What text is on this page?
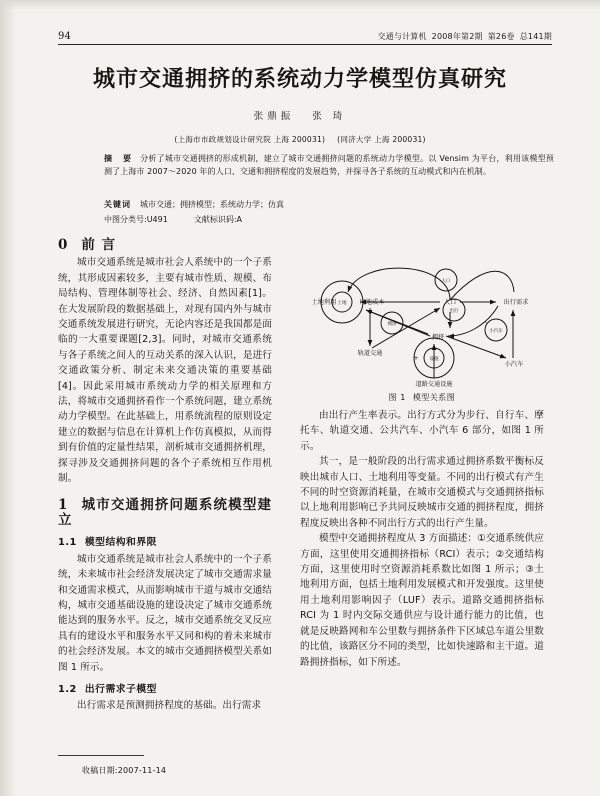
94	交通与计算机 2008年第2期 第26卷 总141期
城市交通拥挤的系统动力学模型仿真研究
张鼎振 张 琦
(上海市市政规划设计研究院 上海 200031) (同济大学 上海 200031)
摘 要 分析了城市交通拥挤的形成机制，建立了城市交通拥挤问题的系统动力学模型。以 Vensim 为平台，利用该模型预测了上海市 2007～2020 年的人口、交通和拥挤程度的发展趋势，并探寻各子系统的互动模式和内在机制。
关键词 城市交通；拥挤模型；系统动力学；仿真
中图分类号:U491	文献标识码:A
0 前 言

城市交通系统是城市社会人系统中的一个子系统，其形成因素较多，主要有城市性质、规模、布局结构、管理体制等社会、经济、自然因素[1]。在大发展阶段的数据基础上，对现有国内外与城市交通系统发展进行研究，无论内容还是我国都是面临的一大重要课题[2,3]。同时，对城市交通系统与各子系统之间人的互动关系的深入认识，是进行交通政策分析、制定未来交通决策的重要基础[4]。因此采用城市系统动力学的相关原理和方法，将城市交通拥挤看作一个系统问题，建立系统动力学模型。在此基础上，用系统流程的原则设定建立的数据与信息在计算机上作仿真模拟，从而得到有价值的定量性结果，剖析城市交通拥挤机理，探寻涉及交通拥挤问题的各个子系统相互作用机制。

1 城市交通拥挤问题系统模型建立
1.1 模型结构和界限

城市交通系统是城市社会人系统中的一个子系统，未来城市社会经济发展决定了城市交通需求量和交通需求模式，从而影响城市干道与城市交通结构，城市交通基础设施的建设决定了城市交通系统能达到的服务水平。反之，城市交通系统交叉反应具有的建设水平和服务水平又同和构的着未来城市的社会经济发展。本文的城市交通拥挤模型关系如图 1 所示。

1.2 出行需求子模型

出行需求是预测拥挤程度的基础。出行需求

土地利用	用地成本	人口	出行需求
拥挤
轨道交通
道路交通设施
小汽车
土地
人口
出行
拥挤
小汽车
设施
+
-
图 1 模型关系图

由出行产生率表示。出行方式分为步行、自行车、摩托车、轨道交通、公共汽车、小汽车 6 部分，如图 1 所示。

其一，是一般阶段的出行需求通过拥挤系数平衡标反映出城市人口、土地利用等变量。不同的出行模式有产生不同的时空资源消耗量，在城市交通模式与交通拥挤指标以上地利用影响已予共同反映城市交通的拥挤程度，拥挤程度反映出各种不同出行方式的出行产生量。

模型中交通拥挤程度从 3 方面描述：①交通系统供应方面，这里使用交通拥挤指标（RCI）表示；②交通结构方面，这里使用时空资源消耗系数比如图 1 所示；③土地利用方面，包括土地利用发展模式和开发强度。这里使用土地利用影响因子（LUF）表示。道路交通拥挤指标 RCI 为 1 时内交际交通供应与设计通行能力的比值，也就是反映路网和车公里数与拥挤条件下区域总车道公里数的比值，该路区分不同的类型，比如快速路和主干道。道路拥挤指标，如下所述。

收稿日期:2007-11-14
